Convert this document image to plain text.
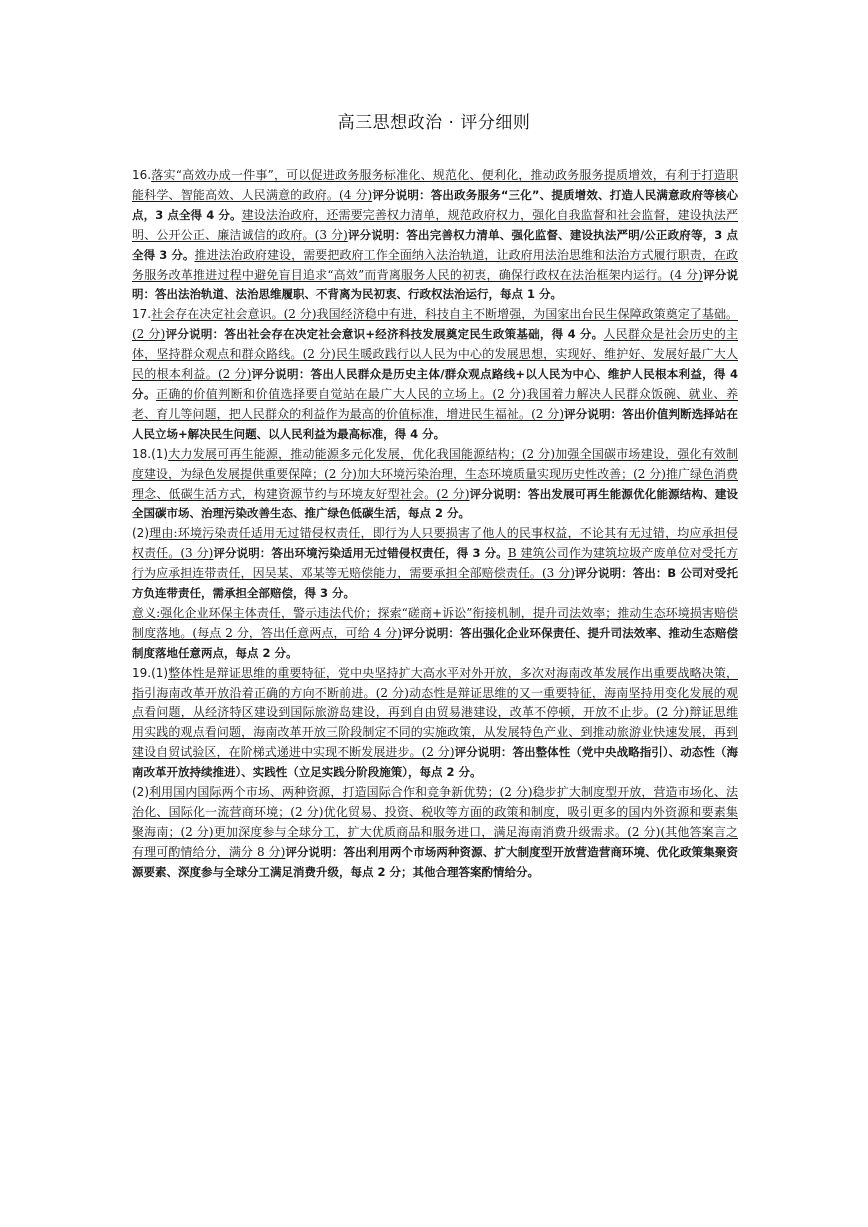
高三思想政治 · 评分细则

16.落实“高效办成一件事”，可以促进政务服务标准化、规范化、便利化，推动政务服务提质增效，有利于打造职能科学、智能高效、人民满意的政府。(4 分)评分说明：答出政务服务“三化”、提质增效、打造人民满意政府等核心点，3 点全得 4 分。建设法治政府，还需要完善权力清单，规范政府权力，强化自我监督和社会监督，建设执法严明、公开公正、廉洁诚信的政府。(3 分)评分说明：答出完善权力清单、强化监督、建设执法严明/公正政府等，3 点全得 3 分。推进法治政府建设，需要把政府工作全面纳入法治轨道，让政府用法治思维和法治方式履行职责，在政务服务改革推进过程中避免盲目追求“高效”而背离服务人民的初衷，确保行政权在法治框架内运行。(4 分)评分说明：答出法治轨道、法治思维履职、不背离为民初衷、行政权法治运行，每点 1 分。

17.社会存在决定社会意识。(2 分)我国经济稳中有进，科技自主不断增强，为国家出台民生保障政策奠定了基础。(2 分)评分说明：答出社会存在决定社会意识+经济科技发展奠定民生政策基础，得 4 分。人民群众是社会历史的主体，坚持群众观点和群众路线。(2 分)民生暖政践行以人民为中心的发展思想，实现好、维护好、发展好最广大人民的根本利益。(2 分)评分说明：答出人民群众是历史主体/群众观点路线+以人民为中心、维护人民根本利益，得 4 分。正确的价值判断和价值选择要自觉站在最广大人民的立场上。(2 分)我国着力解决人民群众饭碗、就业、养老、育儿等问题，把人民群众的利益作为最高的价值标准，增进民生福祉。(2 分)评分说明：答出价值判断选择站在人民立场+解决民生问题、以人民利益为最高标准，得 4 分。

18.(1)大力发展可再生能源，推动能源多元化发展，优化我国能源结构；(2 分)加强全国碳市场建设，强化有效制度建设，为绿色发展提供重要保障；(2 分)加大环境污染治理，生态环境质量实现历史性改善；(2 分)推广绿色消费理念、低碳生活方式，构建资源节约与环境友好型社会。(2 分)评分说明：答出发展可再生能源优化能源结构、建设全国碳市场、治理污染改善生态、推广绿色低碳生活，每点 2 分。

(2)理由:环境污染责任适用无过错侵权责任，即行为人只要损害了他人的民事权益，不论其有无过错，均应承担侵权责任。(3 分)评分说明：答出环境污染适用无过错侵权责任，得 3 分。B 建筑公司作为建筑垃圾产废单位对受托方行为应承担连带责任，因吴某、邓某等无赔偿能力，需要承担全部赔偿责任。(3 分)评分说明：答出：B 公司对受托方负连带责任，需承担全部赔偿，得 3 分。

意义:强化企业环保主体责任，警示违法代价；探索“磋商+诉讼”衔接机制，提升司法效率；推动生态环境损害赔偿制度落地。(每点 2 分，答出任意两点，可给 4 分)评分说明：答出强化企业环保责任、提升司法效率、推动生态赔偿制度落地任意两点，每点 2 分。

19.(1)整体性是辩证思维的重要特征，党中央坚持扩大高水平对外开放，多次对海南改革发展作出重要战略决策，指引海南改革开放沿着正确的方向不断前进。(2 分)动态性是辩证思维的又一重要特征，海南坚持用变化发展的观点看问题，从经济特区建设到国际旅游岛建设，再到自由贸易港建设，改革不停顿，开放不止步。(2 分)辩证思维用实践的观点看问题，海南改革开放三阶段制定不同的实施政策，从发展特色产业、到推动旅游业快速发展，再到建设自贸试验区，在阶梯式递进中实现不断发展进步。(2 分)评分说明：答出整体性（党中央战略指引）、动态性（海南改革开放持续推进）、实践性（立足实践分阶段施策），每点 2 分。

(2)利用国内国际两个市场、两种资源，打造国际合作和竞争新优势；(2 分)稳步扩大制度型开放，营造市场化、法治化、国际化一流营商环境；(2 分)优化贸易、投资、税收等方面的政策和制度，吸引更多的国内外资源和要素集聚海南；(2 分)更加深度参与全球分工，扩大优质商品和服务进口，满足海南消费升级需求。(2 分)(其他答案言之有理可酌情给分，满分 8 分)评分说明：答出利用两个市场两种资源、扩大制度型开放营造营商环境、优化政策集聚资源要素、深度参与全球分工满足消费升级，每点 2 分；其他合理答案酌情给分。
